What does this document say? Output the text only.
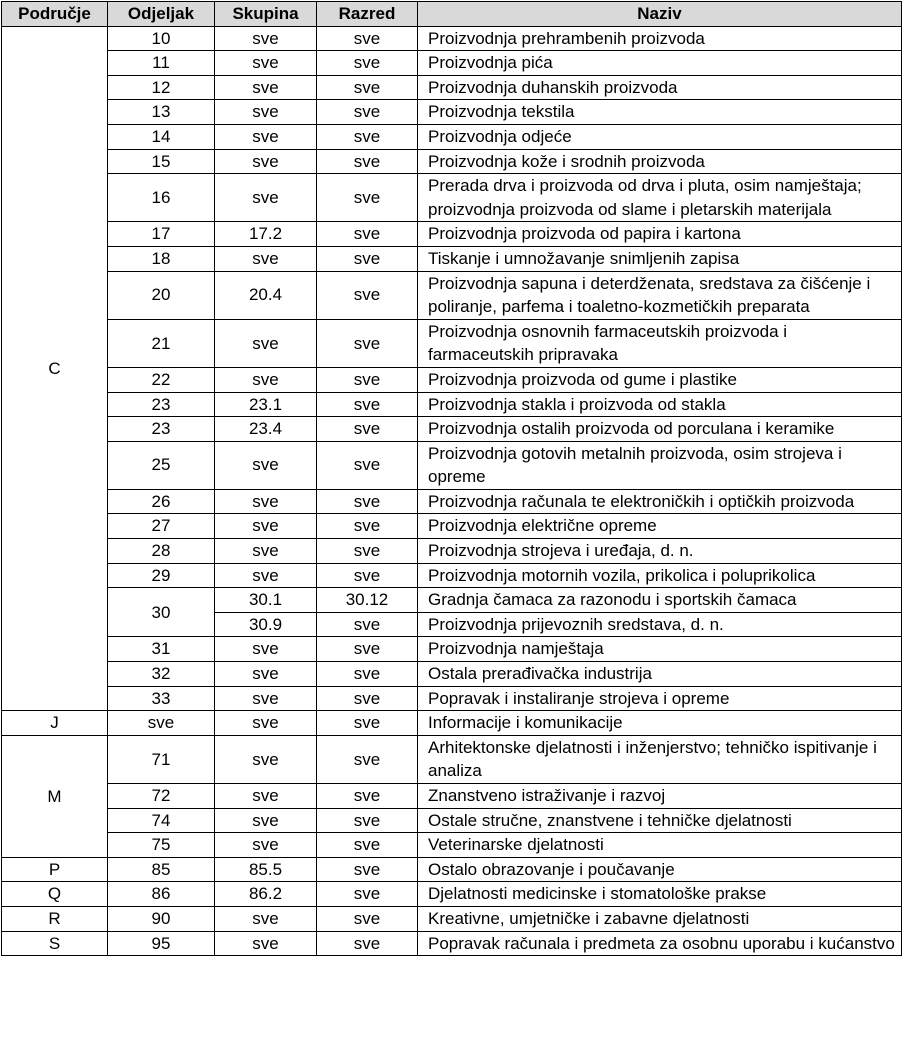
Područje	Odjeljak	Skupina	Razred	Naziv
C	10	sve	sve	Proizvodnja prehrambenih proizvoda
	11	sve	sve	Proizvodnja pića
	12	sve	sve	Proizvodnja duhanskih proizvoda
	13	sve	sve	Proizvodnja tekstila
	14	sve	sve	Proizvodnja odjeće
	15	sve	sve	Proizvodnja kože i srodnih proizvoda
	16	sve	sve	Prerada drva i proizvoda od drva i pluta, osim namještaja; proizvodnja proizvoda od slame i pletarskih materijala
	17	17.2	sve	Proizvodnja proizvoda od papira i kartona
	18	sve	sve	Tiskanje i umnožavanje snimljenih zapisa
	20	20.4	sve	Proizvodnja sapuna i deterdženata, sredstava za čišćenje i poliranje, parfema i toaletno-kozmetičkih preparata
	21	sve	sve	Proizvodnja osnovnih farmaceutskih proizvoda i farmaceutskih pripravaka
	22	sve	sve	Proizvodnja proizvoda od gume i plastike
	23	23.1	sve	Proizvodnja stakla i proizvoda od stakla
	23	23.4	sve	Proizvodnja ostalih proizvoda od porculana i keramike
	25	sve	sve	Proizvodnja gotovih metalnih proizvoda, osim strojeva i opreme
	26	sve	sve	Proizvodnja računala te elektroničkih i optičkih proizvoda
	27	sve	sve	Proizvodnja električne opreme
	28	sve	sve	Proizvodnja strojeva i uređaja, d. n.
	29	sve	sve	Proizvodnja motornih vozila, prikolica i poluprikolica
	30	30.1	30.12	Gradnja čamaca za razonodu i sportskih čamaca
		30.9	sve	Proizvodnja prijevoznih sredstava, d. n.
	31	sve	sve	Proizvodnja namještaja
	32	sve	sve	Ostala prerađivačka industrija
	33	sve	sve	Popravak i instaliranje strojeva i opreme
J	sve	sve	sve	Informacije i komunikacije
M	71	sve	sve	Arhitektonske djelatnosti i inženjerstvo; tehničko ispitivanje i analiza
	72	sve	sve	Znanstveno istraživanje i razvoj
	74	sve	sve	Ostale stručne, znanstvene i tehničke djelatnosti
	75	sve	sve	Veterinarske djelatnosti
P	85	85.5	sve	Ostalo obrazovanje i poučavanje
Q	86	86.2	sve	Djelatnosti medicinske i stomatološke prakse
R	90	sve	sve	Kreativne, umjetničke i zabavne djelatnosti
S	95	sve	sve	Popravak računala i predmeta za osobnu uporabu i kućanstvo
